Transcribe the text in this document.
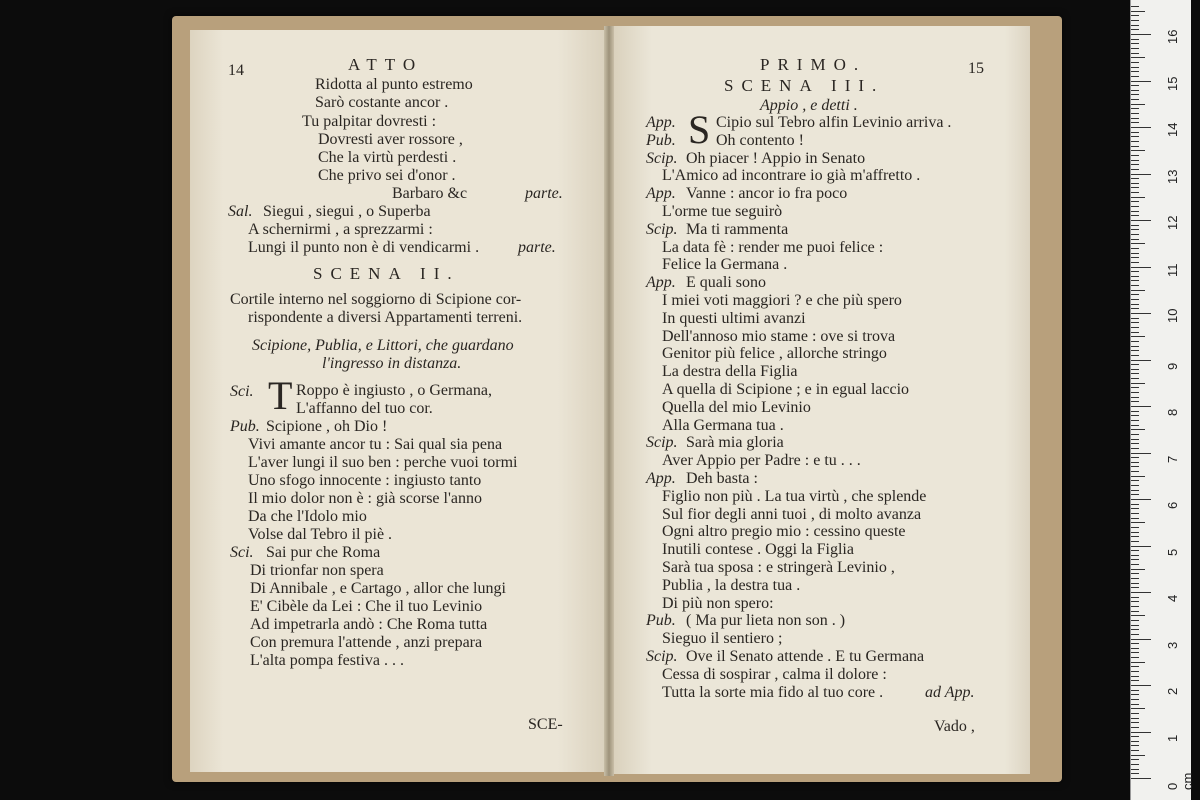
14	ATTO
Ridotta al punto estremo
Sarò costante ancor .
Tu palpitar dovresti :
Dovresti aver rossore ,
Che la virtù perdesti .
Che privo sei d'onor .
Barbaro &c	parte.
Sal. Siegui , siegui , o Superba
A schernirmi , a sprezzarmi :
Lungi il punto non è di vendicarmi . parte.
SCENA II.
Cortile interno nel soggiorno di Scipione cor-
rispondente a diversi Appartamenti terreni.
Scipione, Publia, e Littori, che guardano
l'ingresso in distanza.
Sci. T Roppo è ingiusto , o Germana,
L'affanno del tuo cor.
Pub. Scipione , oh Dio !
Vivi amante ancor tu : Sai qual sia pena
L'aver lungi il suo ben : perche vuoi tormi
Uno sfogo innocente : ingiusto tanto
Il mio dolor non è : già scorse l'anno
Da che l'Idolo mio
Volse dal Tebro il piè .
Sci. Sai pur che Roma
Di trionfar non spera
Di Annibale , e Cartago , allor che lungi
E' Cibèle da Lei : Che il tuo Levinio
Ad impetrarla andò : Che Roma tutta
Con premura l'attende , anzi prepara
L'alta pompa festiva . . .
SCE-
PRIMO.	15
SCENA III.
Appio , e detti .
S
App.	Cipio sul Tebro alfin Levinio arriva .
Pub.	Oh contento !
Scip. Oh piacer ! Appio in Senato
L'Amico ad incontrare io già m'affretto .
App. Vanne : ancor io fra poco
L'orme tue seguirò
Scip. Ma ti rammenta
La data fè : render me puoi felice :
Felice la Germana .
App. E quali sono
I miei voti maggiori ? e che più spero
In questi ultimi avanzi
Dell'annoso mio stame : ove si trova
Genitor più felice , allorche stringo
La destra della Figlia
A quella di Scipione ; e in egual laccio
Quella del mio Levinio
Alla Germana tua .
Scip. Sarà mia gloria
Aver Appio per Padre : e tu . . .
App. Deh basta :
Figlio non più . La tua virtù , che splende
Sul fior degli anni tuoi , di molto avanza
Ogni altro pregio mio : cessino queste
Inutili contese . Oggi la Figlia
Sarà tua sposa : e stringerà Levinio ,
Publia , la destra tua .
Di più non spero:
Pub. ( Ma pur lieta non son . )
Sieguo il sentiero ;
Scip. Ove il Senato attende . E tu Germana
Cessa di sospirar , calma il dolore :
Tutta la sorte mia fido al tuo core .	ad App.
Vado ,
0 cm
1
2
3
4
5
6
7
8
9
10
11
12
13
14
15
16
